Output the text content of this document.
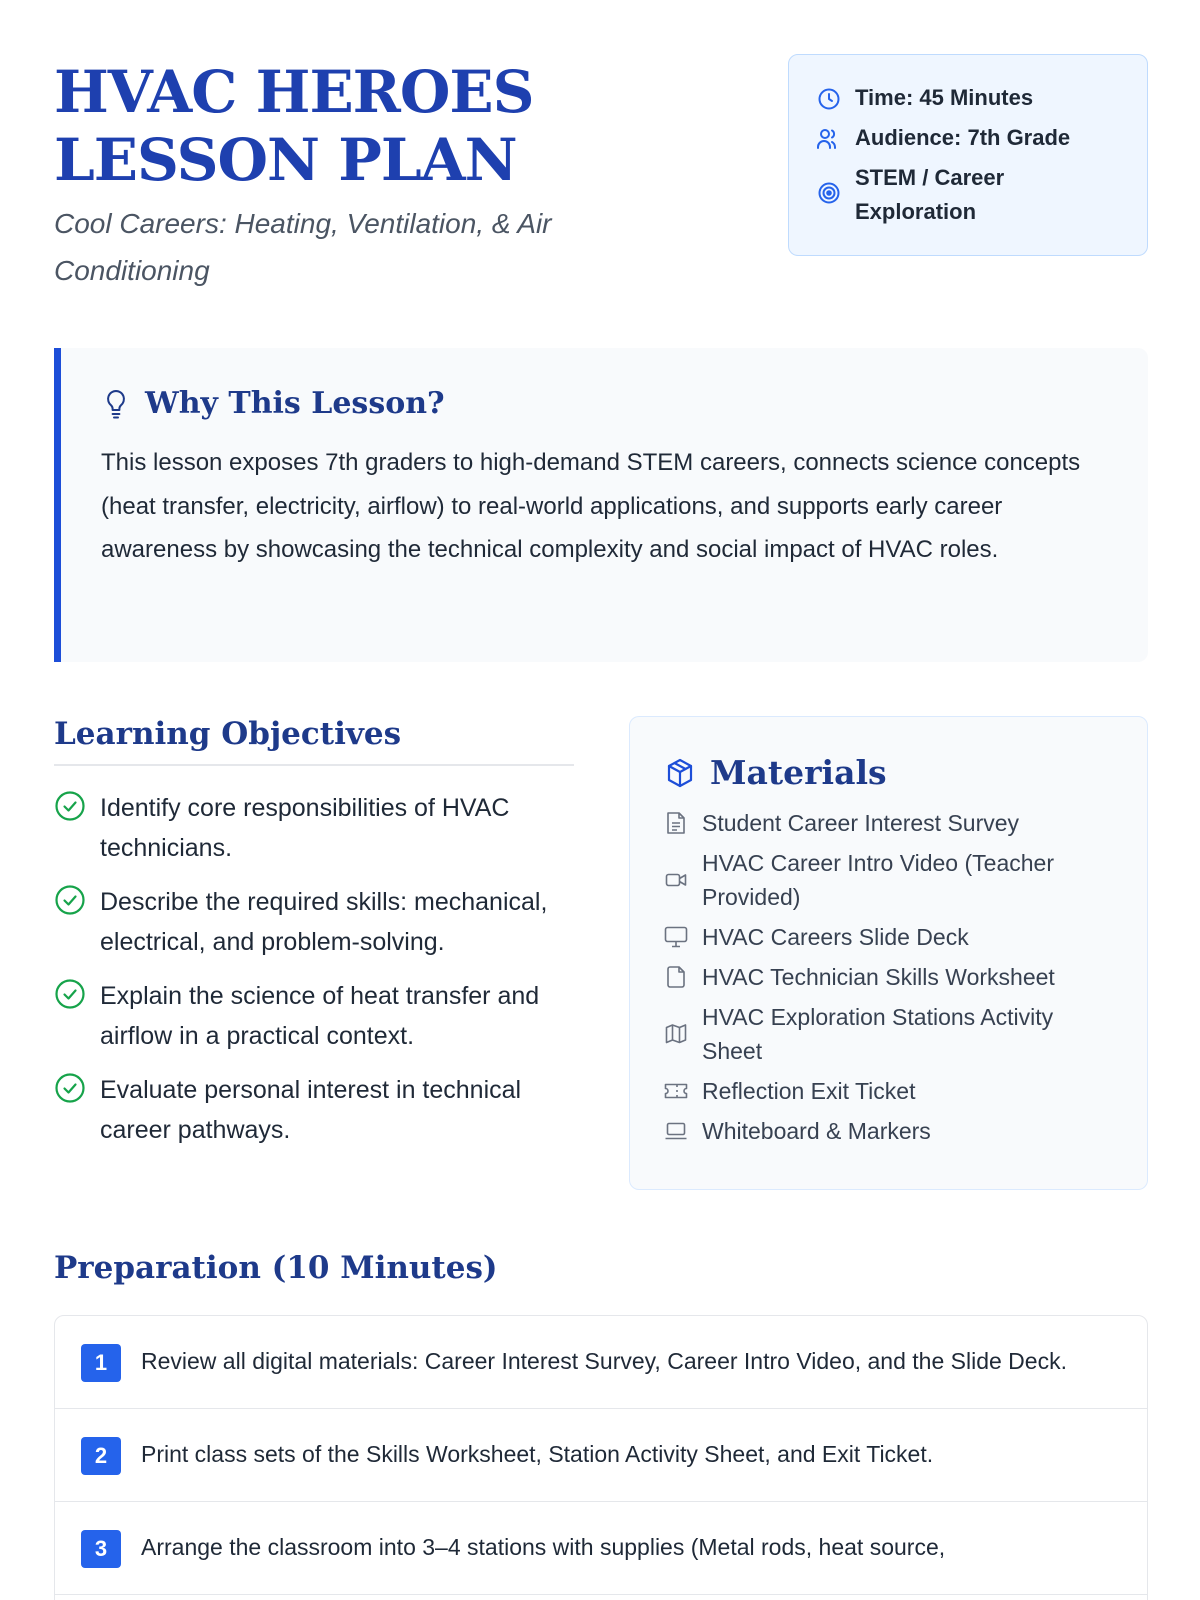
HVAC HEROES LESSON PLAN
Cool Careers: Heating, Ventilation, & Air Conditioning
Time: 45 Minutes
Audience: 7th Grade
STEM / Career Exploration
Why This Lesson?

This lesson exposes 7th graders to high-demand STEM careers, connects science concepts (heat transfer, electricity, airflow) to real-world applications, and supports early career awareness by showcasing the technical complexity and social impact of HVAC roles.

Learning Objectives
Identify core responsibilities of HVAC technicians.
Describe the required skills: mechanical, electrical, and problem-solving.
Explain the science of heat transfer and airflow in a practical context.
Evaluate personal interest in technical career pathways.
Materials
Student Career Interest Survey
HVAC Career Intro Video (Teacher Provided)
HVAC Careers Slide Deck
HVAC Technician Skills Worksheet
HVAC Exploration Stations Activity Sheet
Reflection Exit Ticket
Whiteboard & Markers
Preparation (10 Minutes)
1	Review all digital materials: Career Interest Survey, Career Intro Video, and the Slide Deck.
2	Print class sets of the Skills Worksheet, Station Activity Sheet, and Exit Ticket.
3	Arrange the classroom into 3–4 stations with supplies (Metal rods, heat source,
